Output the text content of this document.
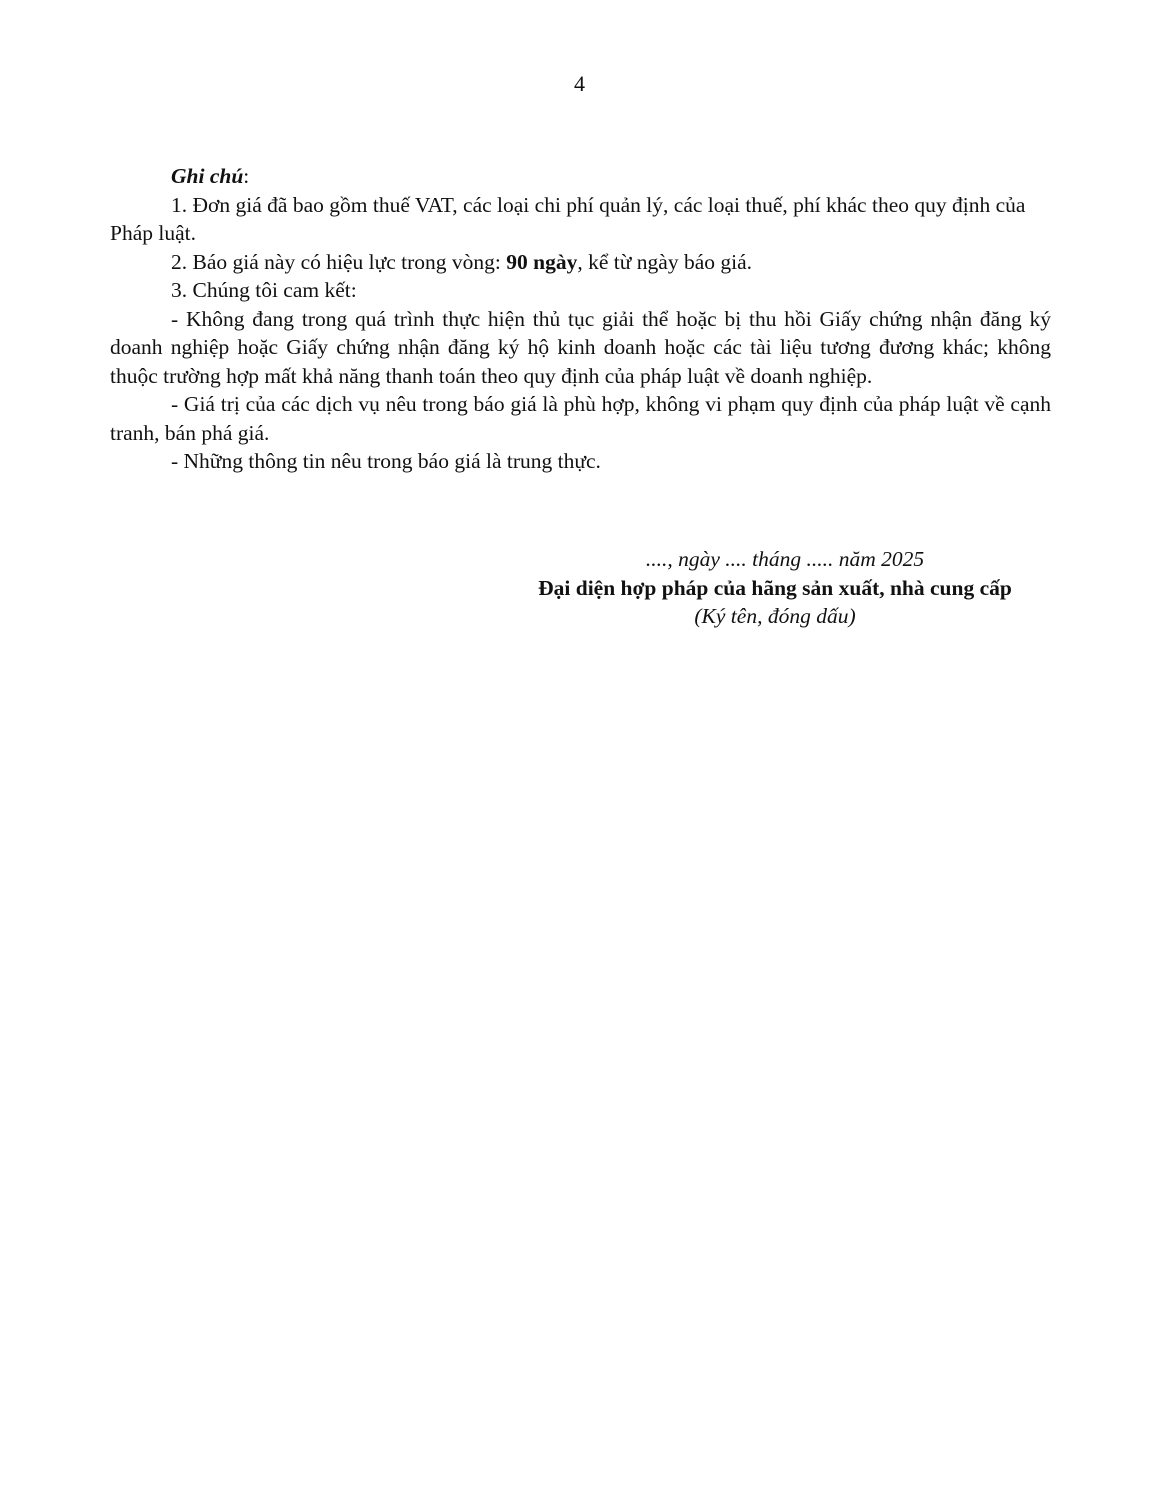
4

Ghi chú:

1. Đơn giá đã bao gồm thuế VAT, các loại chi phí quản lý, các loại thuế, phí khác theo quy định của Pháp luật.

2. Báo giá này có hiệu lực trong vòng: 90 ngày, kể từ ngày báo giá.

3. Chúng tôi cam kết:

- Không đang trong quá trình thực hiện thủ tục giải thể hoặc bị thu hồi Giấy chứng nhận đăng ký doanh nghiệp hoặc Giấy chứng nhận đăng ký hộ kinh doanh hoặc các tài liệu tương đương khác; không thuộc trường hợp mất khả năng thanh toán theo quy định của pháp luật về doanh nghiệp.

- Giá trị của các dịch vụ nêu trong báo giá là phù hợp, không vi phạm quy định của pháp luật về cạnh tranh, bán phá giá.

- Những thông tin nêu trong báo giá là trung thực.

...., ngày .... tháng ..... năm 2025
Đại diện hợp pháp của hãng sản xuất, nhà cung cấp
(Ký tên, đóng dấu)
